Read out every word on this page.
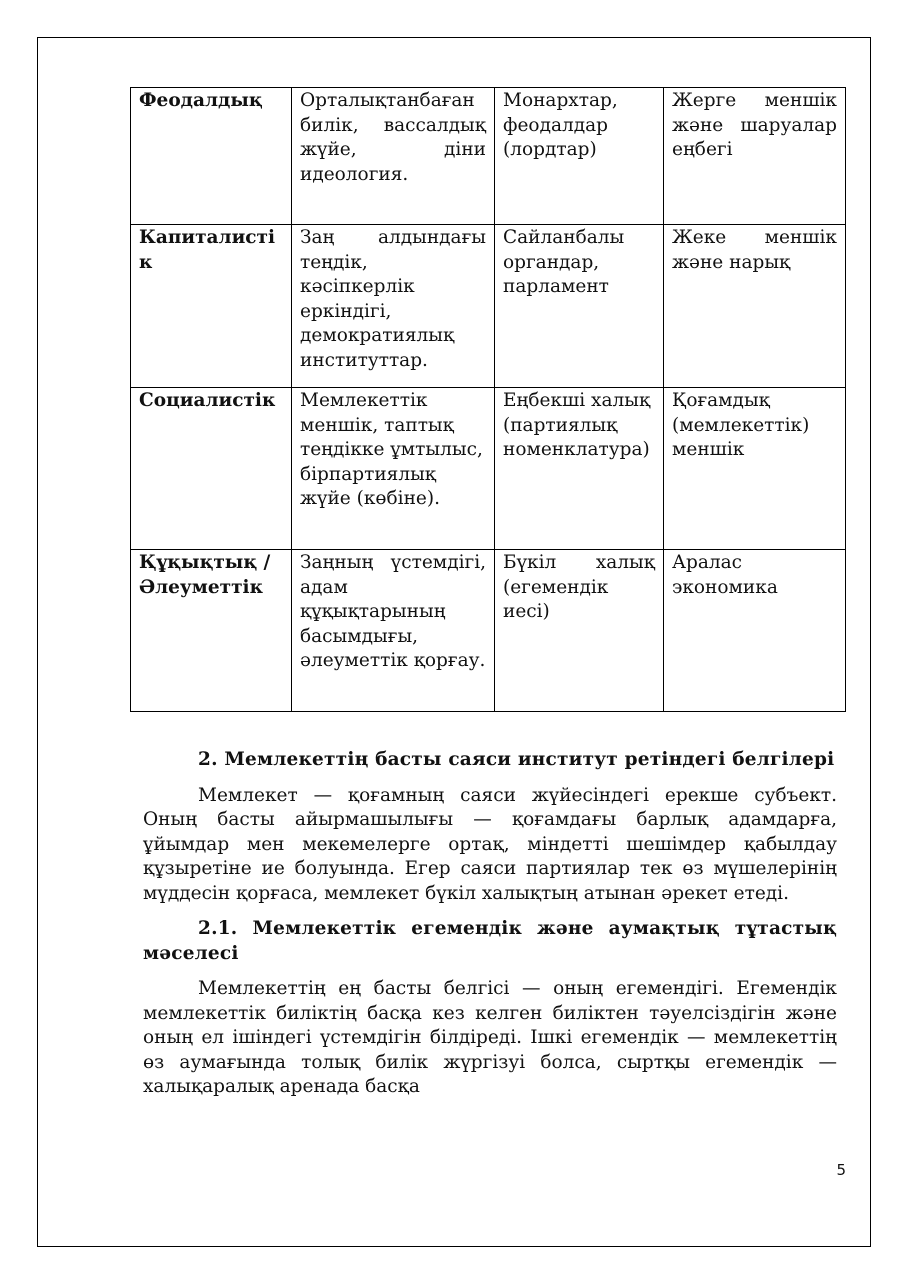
Феодалдық	Орталықтанбаған билік, вассалдық жүйе, діни идеология.	Монархтар, феодалдар (лордтар)	Жерге меншік және шаруалар еңбегі
Капиталистік	Заң алдындағы теңдік, кәсіпкерлік еркіндігі, демократиялық институттар.	Сайланбалы органдар, парламент	Жеке меншік және нарық
Социалистік	Мемлекеттік меншік, таптық теңдікке ұмтылыс, бірпартиялық жүйе (көбіне).	Еңбекші халық (партиялық номенклатура)	Қоғамдық (мемлекеттік) меншік
Құқықтық / Әлеуметтік	Заңның үстемдігі, адам құқықтарының басымдығы, әлеуметтік қорғау.	Бүкіл халық (егемендік иесі)	Аралас экономика
2. Мемлекеттің басты саяси институт ретіндегі белгілері

Мемлекет — қоғамның саяси жүйесіндегі ерекше субъект. Оның басты айырмашылығы — қоғамдағы барлық адамдарға, ұйымдар мен мекемелерге ортақ, міндетті шешімдер қабылдау құзыретіне ие болуында. Егер саяси партиялар тек өз мүшелерінің мүддесін қорғаса, мемлекет бүкіл халықтың атынан әрекет етеді.

2.1. Мемлекеттік егемендік және аумақтық тұтастық мәселесі

Мемлекеттің ең басты белгісі — оның егемендігі. Егемендік мемлекеттік биліктің басқа кез келген биліктен тәуелсіздігін және оның ел ішіндегі үстемдігін білдіреді. Ішкі егемендік — мемлекеттің өз аумағында толық билік жүргізуі болса, сыртқы егемендік — халықаралық аренада басқа

5
